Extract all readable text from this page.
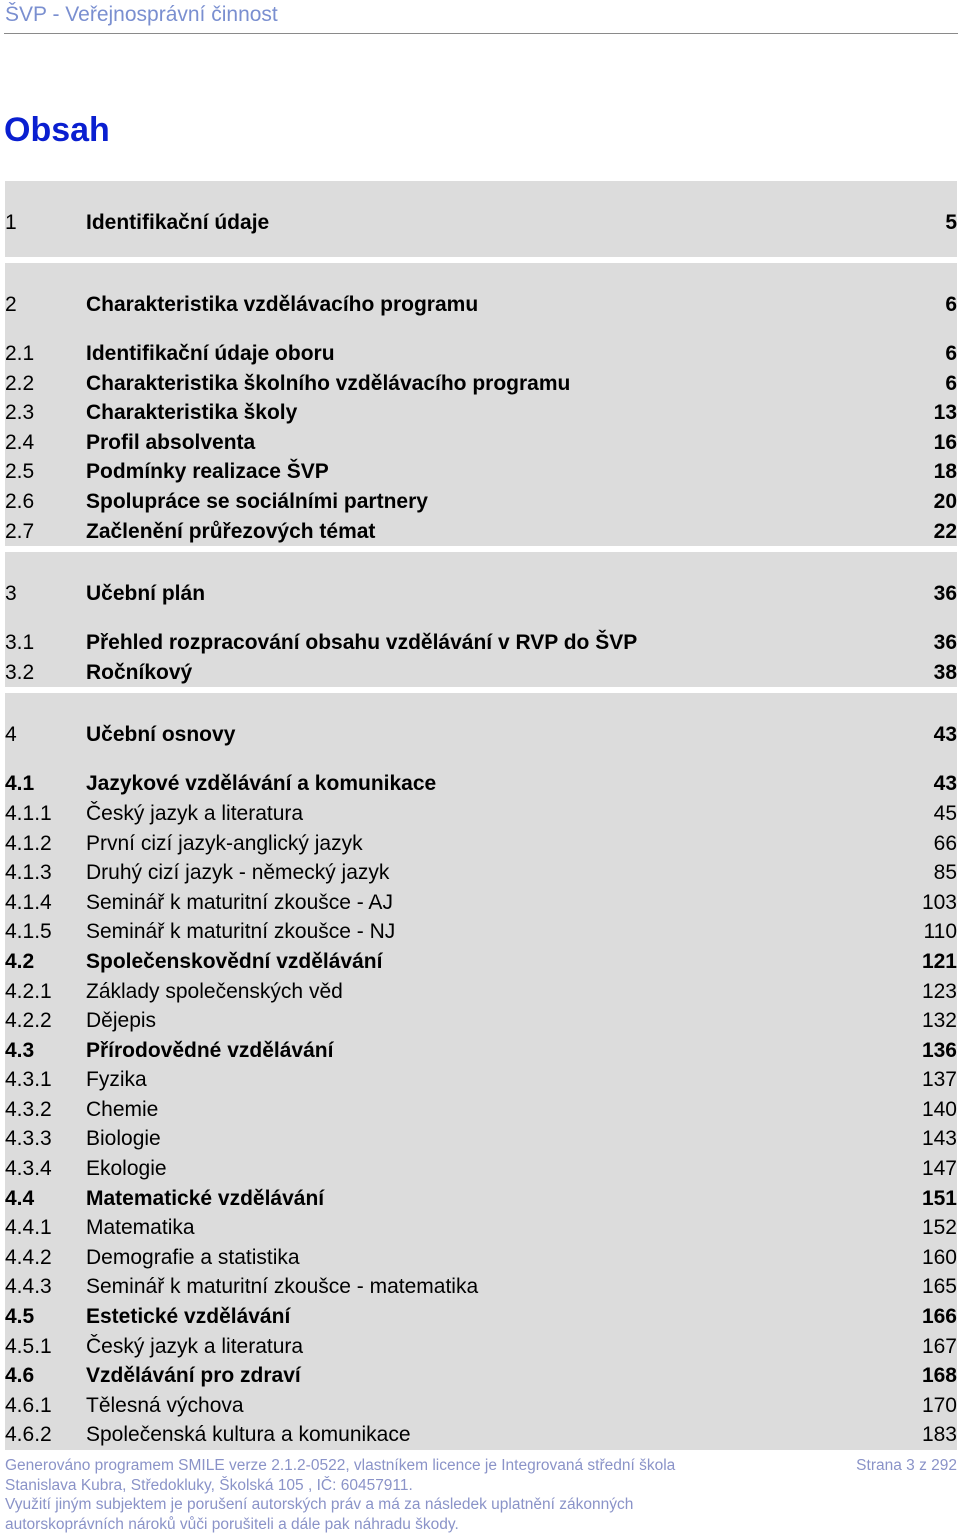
ŠVP - Veřejnosprávní činnost
Obsah
1	Identifikační údaje	5
2	Charakteristika vzdělávacího programu	6
2.1 Identifikační údaje oboru	6
2.2 Charakteristika školního vzdělávacího programu	6
2.3 Charakteristika školy	13
2.4 Profil absolventa	16
2.5 Podmínky realizace ŠVP	18
2.6 Spolupráce se sociálními partnery	20
2.7 Začlenění průřezových témat	22
3	Učební plán	36
3.1 Přehled rozpracování obsahu vzdělávání v RVP do ŠVP	36
3.2 Ročníkový	38
4	Učební osnovy	43
4.1 Jazykové vzdělávání a komunikace	43
4.1.1 Český jazyk a literatura	45
4.1.2 První cizí jazyk-anglický jazyk	66
4.1.3 Druhý cizí jazyk - německý jazyk	85
4.1.4 Seminář k maturitní zkoušce - AJ	103
4.1.5 Seminář k maturitní zkoušce - NJ	110
4.2 Společenskovědní vzdělávání	121
4.2.1 Základy společenských věd	123
4.2.2 Dějepis	132
4.3 Přírodovědné vzdělávání	136
4.3.1 Fyzika	137
4.3.2 Chemie	140
4.3.3 Biologie	143
4.3.4 Ekologie	147
4.4 Matematické vzdělávání	151
4.4.1 Matematika	152
4.4.2 Demografie a statistika	160
4.4.3 Seminář k maturitní zkoušce - matematika	165
4.5 Estetické vzdělávání	166
4.5.1 Český jazyk a literatura	167
4.6 Vzdělávání pro zdraví	168
4.6.1 Tělesná výchova	170
4.6.2 Společenská kultura a komunikace	183
Generováno programem SMILE verze 2.1.2-0522, vlastníkem licence je Integrovaná střední škola	Strana 3 z 292
Stanislava Kubra, Středokluky, Školská 105 , IČ: 60457911.
Využití jiným subjektem je porušení autorských práv a má za následek uplatnění zákonných
autorskoprávních nároků vůči porušiteli a dále pak náhradu škody.
